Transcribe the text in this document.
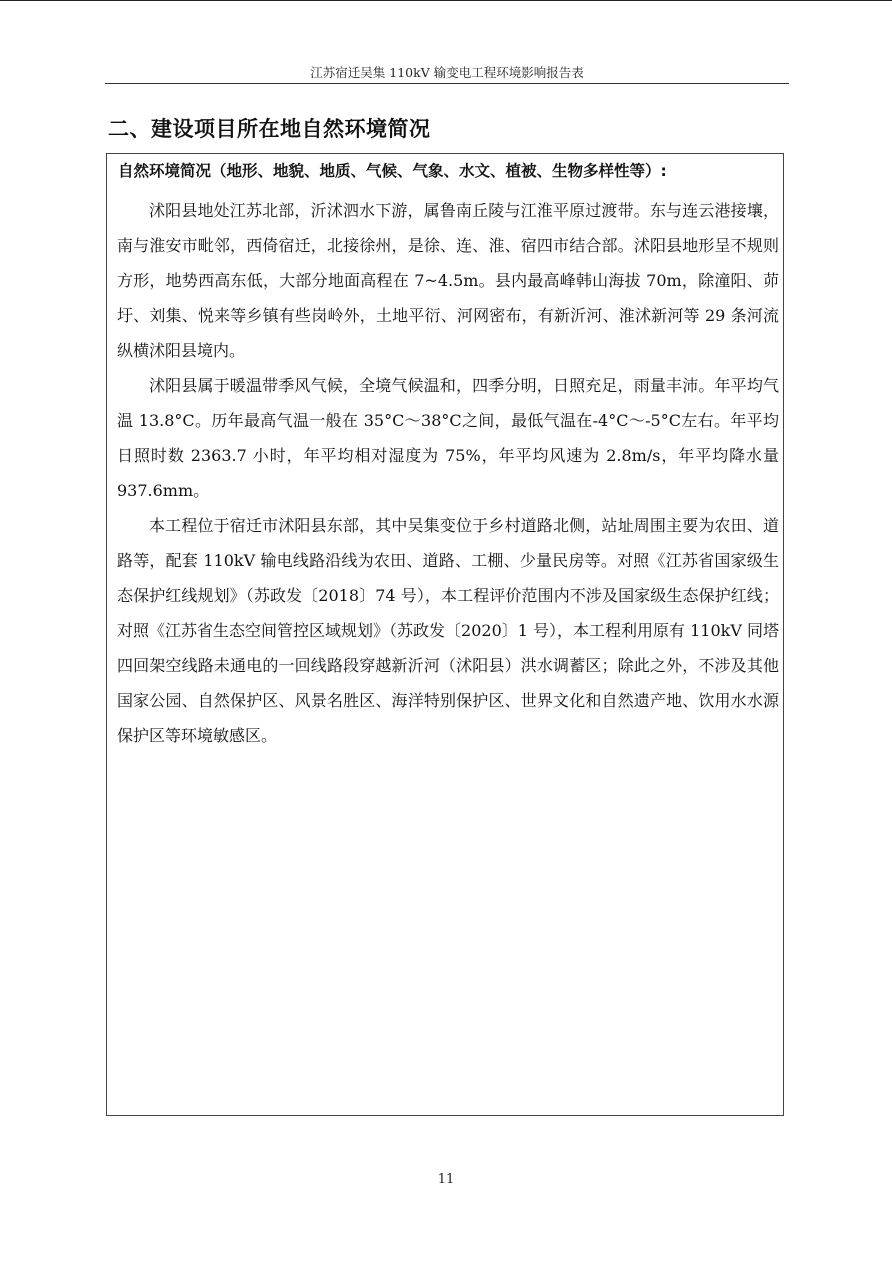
江苏宿迁吴集 110kV 输变电工程环境影响报告表
二、建设项目所在地自然环境简况
自然环境简况（地形、地貌、地质、气候、气象、水文、植被、生物多样性等）:

沭阳县地处江苏北部，沂沭泗水下游，属鲁南丘陵与江淮平原过渡带。东与连云港接壤，南与淮安市毗邻，西倚宿迁，北接徐州，是徐、连、淮、宿四市结合部。沭阳县地形呈不规则方形，地势西高东低，大部分地面高程在 7~4.5m。县内最高峰韩山海拔 70m，除潼阳、茆圩、刘集、悦来等乡镇有些岗岭外，土地平衍、河网密布，有新沂河、淮沭新河等 29 条河流纵横沭阳县境内。

沭阳县属于暖温带季风气候，全境气候温和，四季分明，日照充足，雨量丰沛。年平均气温 13.8°C。历年最高气温一般在 35°C～38°C之间，最低气温在-4°C～-5°C左右。年平均日照时数 2363.7 小时，年平均相对湿度为 75%，年平均风速为 2.8m/s，年平均降水量 937.6mm。

本工程位于宿迁市沭阳县东部，其中吴集变位于乡村道路北侧，站址周围主要为农田、道路等，配套 110kV 输电线路沿线为农田、道路、工棚、少量民房等。对照《江苏省国家级生态保护红线规划》（苏政发〔2018〕74 号），本工程评价范围内不涉及国家级生态保护红线；对照《江苏省生态空间管控区域规划》（苏政发〔2020〕1 号），本工程利用原有 110kV 同塔四回架空线路未通电的一回线路段穿越新沂河（沭阳县）洪水调蓄区；除此之外，不涉及其他国家公园、自然保护区、风景名胜区、海洋特别保护区、世界文化和自然遗产地、饮用水水源保护区等环境敏感区。

11
